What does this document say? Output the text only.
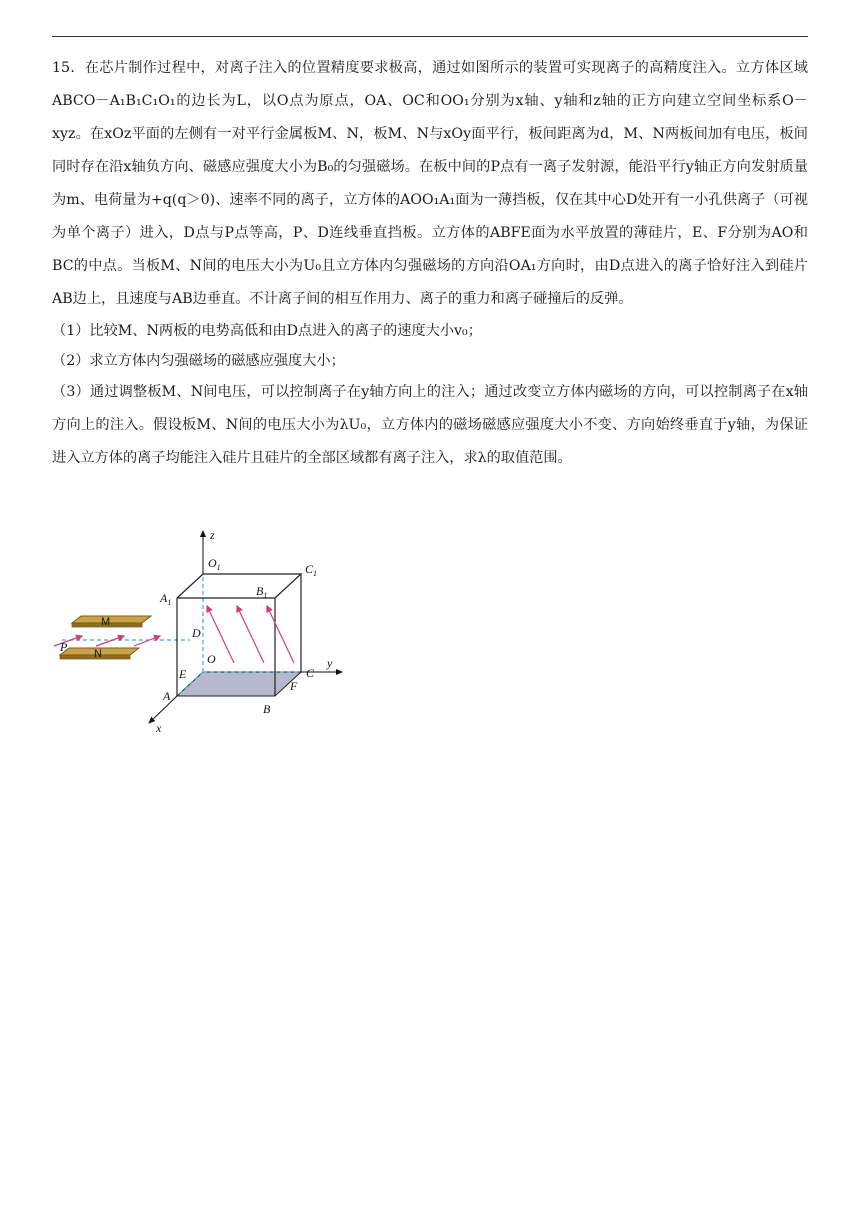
15．在芯片制作过程中，对离子注入的位置精度要求极高，通过如图所示的装置可实现离子的高精度注入。立方体区域ABCO－A₁B₁C₁O₁的边长为L，以O点为原点，OA、OC和OO₁分别为x轴、y轴和z轴的正方向建立空间坐标系O－xyz。在xOz平面的左侧有一对平行金属板M、N，板M、N与xOy面平行，板间距离为d，M、N两板间加有电压，板间同时存在沿x轴负方向、磁感应强度大小为B₀的匀强磁场。在板中间的P点有一离子发射源，能沿平行y轴正方向发射质量为m、电荷量为+q(q＞0)、速率不同的离子，立方体的AOO₁A₁面为一薄挡板，仅在其中心D处开有一小孔供离子（可视为单个离子）进入，D点与P点等高，P、D连线垂直挡板。立方体的ABFE面为水平放置的薄硅片，E、F分别为AO和BC的中点。当板M、N间的电压大小为U₀且立方体内匀强磁场的方向沿OA₁方向时，由D点进入的离子恰好注入到硅片AB边上，且速度与AB边垂直。不计离子间的相互作用力、离子的重力和离子碰撞后的反弹。

（1）比较M、N两板的电势高低和由D点进入的离子的速度大小v₀；

（2）求立方体内匀强磁场的磁感应强度大小；

（3）通过调整板M、N间电压，可以控制离子在y轴方向上的注入；通过改变立方体内磁场的方向，可以控制离子在x轴方向上的注入。假设板M、N间的电压大小为λU₀，立方体内的磁场磁感应强度大小不变、方向始终垂直于y轴，为保证进入立方体的离子均能注入硅片且硅片的全部区域都有离子注入，求λ的取值范围。

z
y
x
$O_1$	$C_1$
$A_1$
$B_1$
D
O
C
E
F
A
B
P
M
N
